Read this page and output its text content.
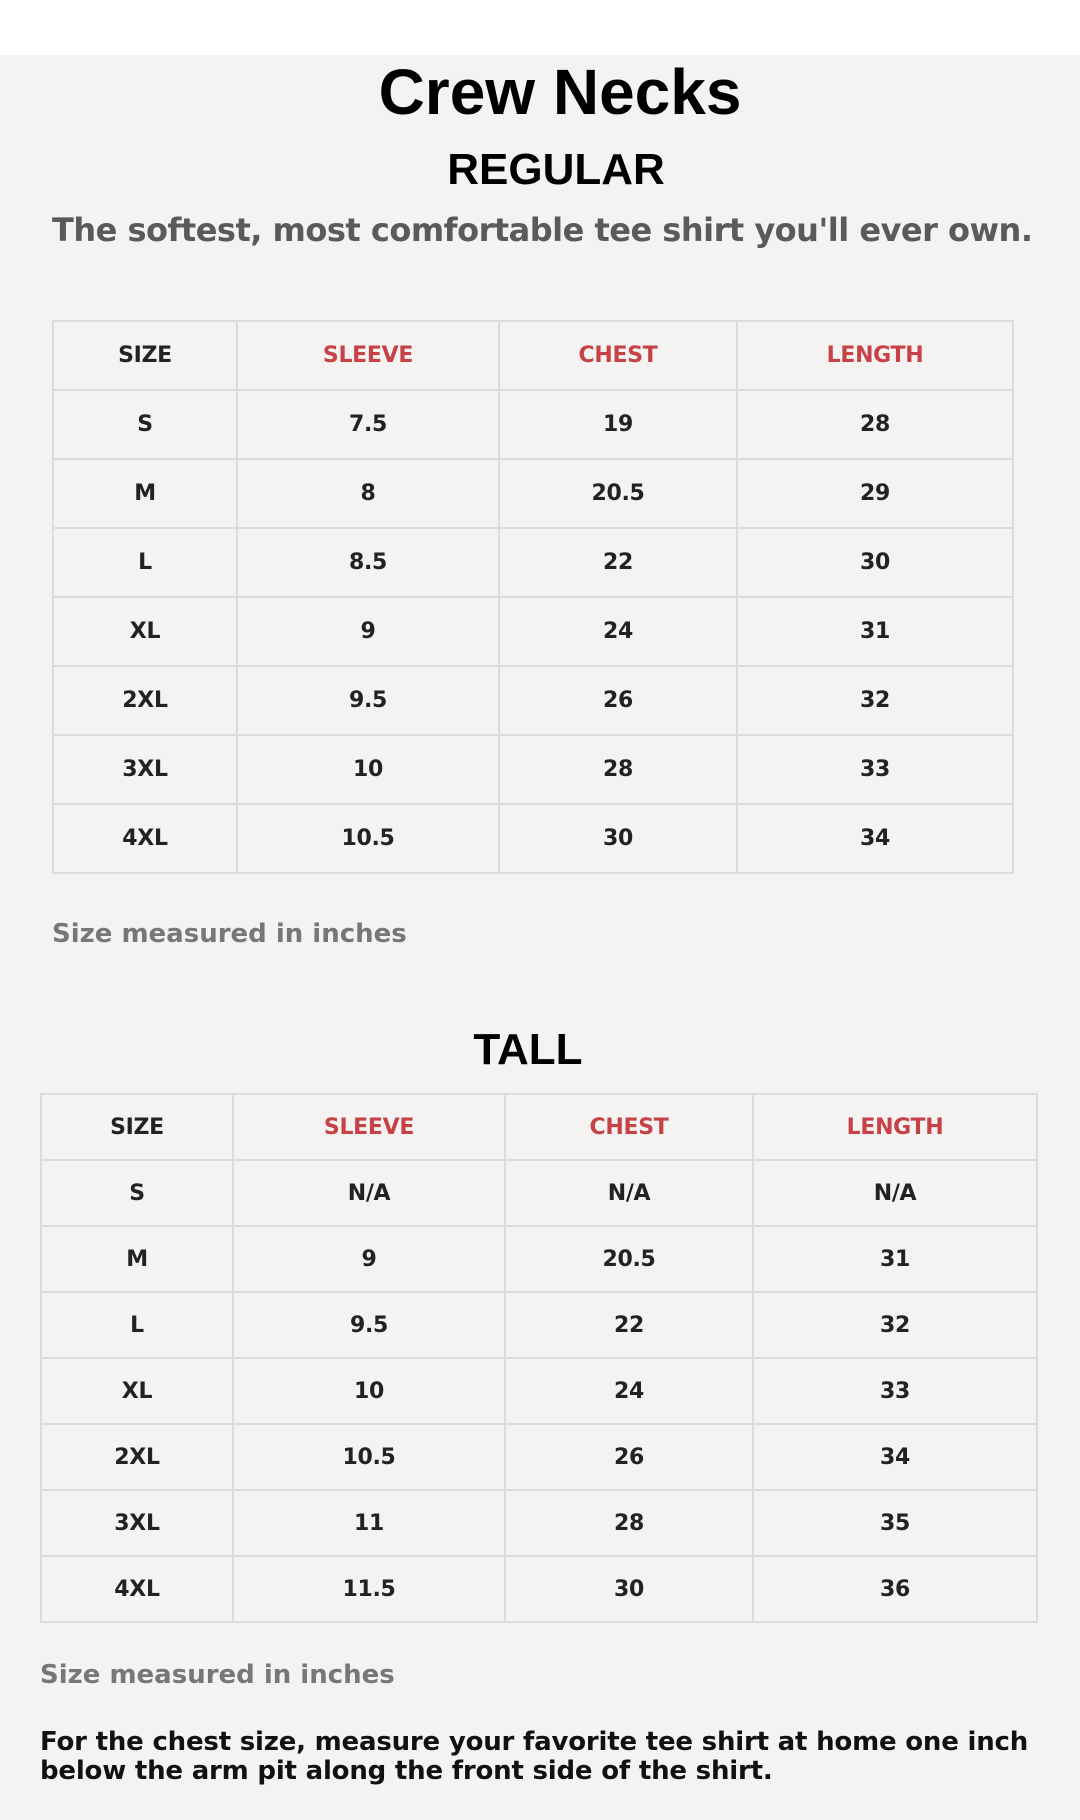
Crew Necks
REGULAR

The softest, most comfortable tee shirt you'll ever own.

SIZE	SLEEVE	CHEST	LENGTH
S	7.5	19	28
M	8	20.5	29
L	8.5	22	30
XL	9	24	31
2XL	9.5	26	32
3XL	10	28	33
4XL	10.5	30	34

Size measured in inches

TALL
SIZE	SLEEVE	CHEST	LENGTH
S	N/A	N/A	N/A
M	9	20.5	31
L	9.5	22	32
XL	10	24	33
2XL	10.5	26	34
3XL	11	28	35
4XL	11.5	30	36

Size measured in inches

For the chest size, measure your favorite tee shirt at home one inch below the arm pit along the front side of the shirt.
